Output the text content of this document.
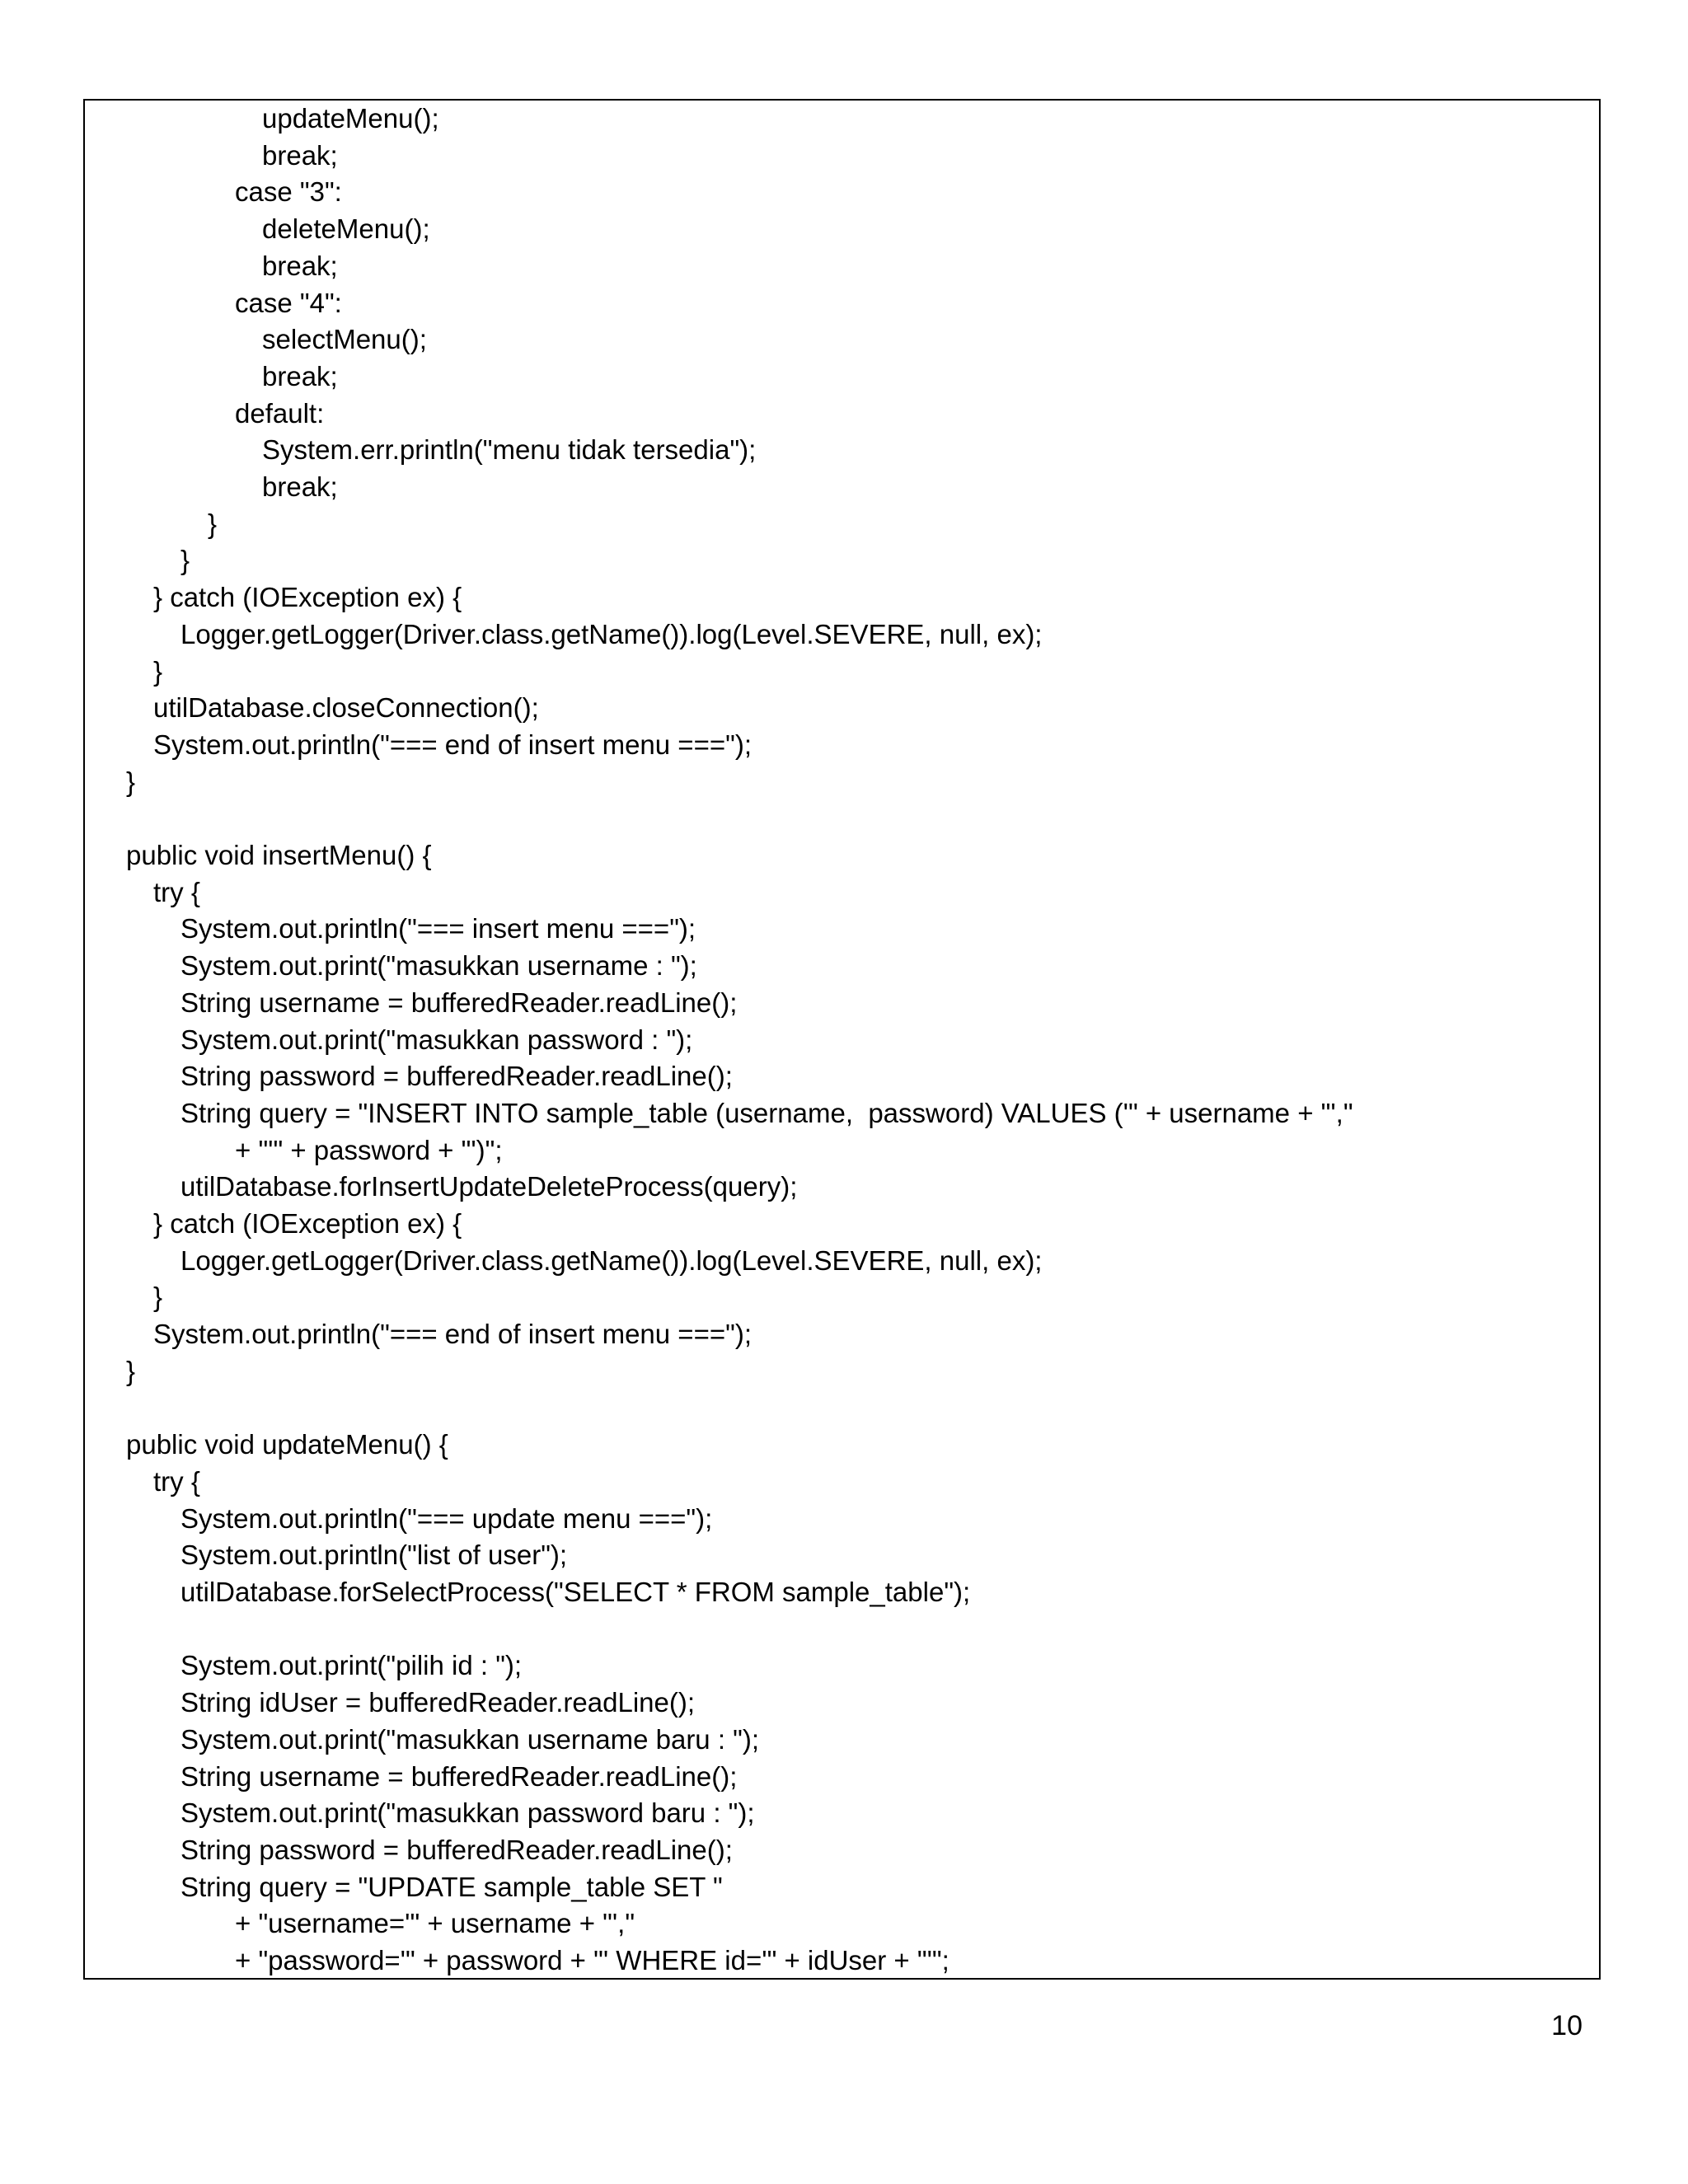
updateMenu();
break;
case "3":
deleteMenu();
break;
case "4":
selectMenu();
break;
default:
System.err.println("menu tidak tersedia");
break;
}
}
} catch (IOException ex) {
Logger.getLogger(Driver.class.getName()).log(Level.SEVERE, null, ex);
}
utilDatabase.closeConnection();
System.out.println("=== end of insert menu ===");
}
public void insertMenu() {
try {
System.out.println("=== insert menu ===");
System.out.print("masukkan username : ");
String username = bufferedReader.readLine();
System.out.print("masukkan password : ");
String password = bufferedReader.readLine();
String query = "INSERT INTO sample_table (username,  password) VALUES ('" + username + "',"
+ "'" + password + "')";
utilDatabase.forInsertUpdateDeleteProcess(query);
} catch (IOException ex) {
Logger.getLogger(Driver.class.getName()).log(Level.SEVERE, null, ex);
}
System.out.println("=== end of insert menu ===");
}
public void updateMenu() {
try {
System.out.println("=== update menu ===");
System.out.println("list of user");
utilDatabase.forSelectProcess("SELECT * FROM sample_table");
System.out.print("pilih id : ");
String idUser = bufferedReader.readLine();
System.out.print("masukkan username baru : ");
String username = bufferedReader.readLine();
System.out.print("masukkan password baru : ");
String password = bufferedReader.readLine();
String query = "UPDATE sample_table SET "
+ "username='" + username + "',"
+ "password='" + password + "' WHERE id='" + idUser + "'";
10
